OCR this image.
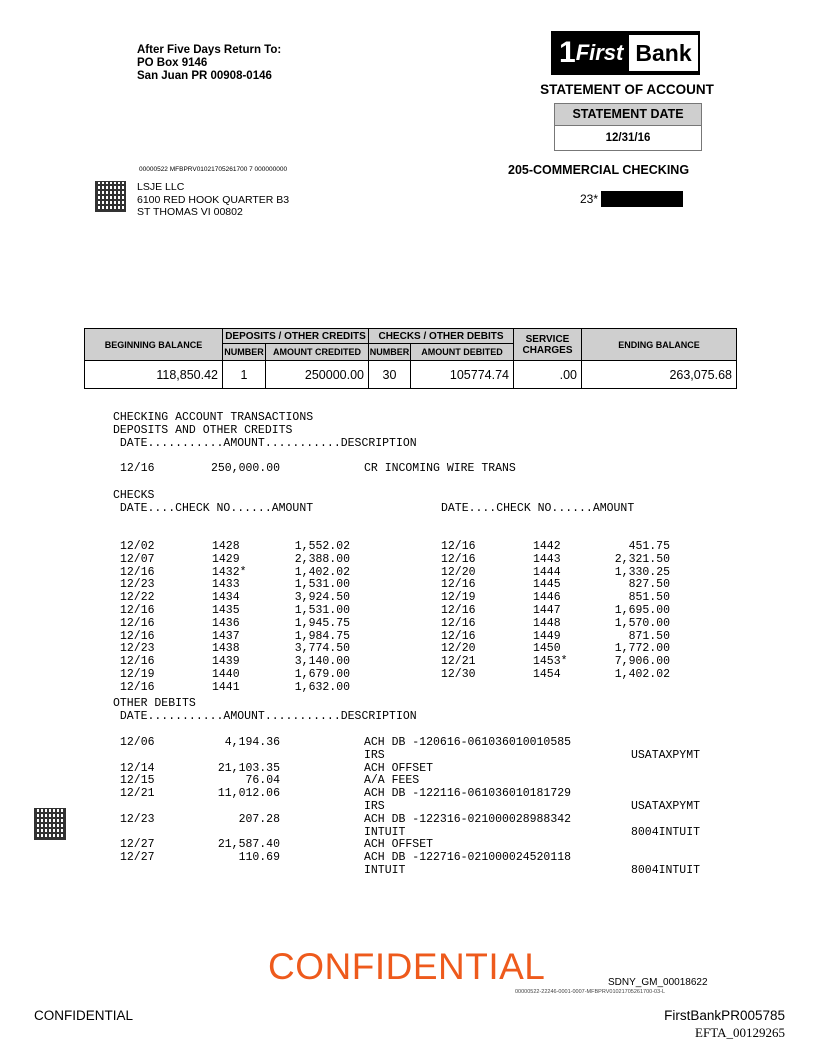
After Five Days Return To:
PO Box 9146
San Juan PR 00908-0146
1 First Bank
STATEMENT OF ACCOUNT
STATEMENT DATE
12/31/16
205-COMMERCIAL CHECKING
23*
00000522 MFBPRV01021705261700 7 000000000
LSJE LLC
6100 RED HOOK QUARTER B3
ST THOMAS VI 00802
BEGINNING BALANCE	DEPOSITS / OTHER CREDITS		CHECKS / OTHER DEBITS		SERVICE CHARGES	ENDING BALANCE
	NUMBER	AMOUNT CREDITED	NUMBER	AMOUNT DEBITED		
118,850.42	1	250000.00	30	105774.74	.00	263,075.68
CHECKING ACCOUNT TRANSACTIONS
DEPOSITS AND OTHER CREDITS
DATE...........AMOUNT...........DESCRIPTION
12/16	250,000.00	CR INCOMING WIRE TRANS
CHECKS
DATE....CHECK NO......AMOUNT	DATE....CHECK NO......AMOUNT
12/02	1428	1,552.02
12/07	1429	2,388.00
12/16	1432*	1,402.02
12/23	1433	1,531.00
12/22	1434	3,924.50
12/16	1435	1,531.00
12/16	1436	1,945.75
12/16	1437	1,984.75
12/23	1438	3,774.50
12/16	1439	3,140.00
12/19	1440	1,679.00
12/16	1441	1,632.00
12/16	1442	451.75
12/16	1443	2,321.50
12/20	1444	1,330.25
12/16	1445	827.50
12/19	1446	851.50
12/16	1447	1,695.00
12/16	1448	1,570.00
12/16	1449	871.50
12/20	1450	1,772.00
12/21	1453*	7,906.00
12/30	1454	1,402.02
OTHER DEBITS
DATE...........AMOUNT...........DESCRIPTION
12/06	4,194.36	ACH DB -120616-061036010010585
IRS	USATAXPYMT
12/14	21,103.35	ACH OFFSET
12/15	76.04	A/A FEES
12/21	11,012.06	ACH DB -122116-061036010181729
IRS	USATAXPYMT
12/23	207.28	ACH DB -122316-021000028988342
INTUIT	8004INTUIT
12/27	21,587.40	ACH OFFSET
12/27	110.69	ACH DB -122716-021000024520118
INTUIT	8004INTUIT
CONFIDENTIAL	SDNY_GM_00018622
00000522-22246-0001-0007-MFBPRV01021705261700-03-L
CONFIDENTIAL	FirstBankPR005785
EFTA_00129265
